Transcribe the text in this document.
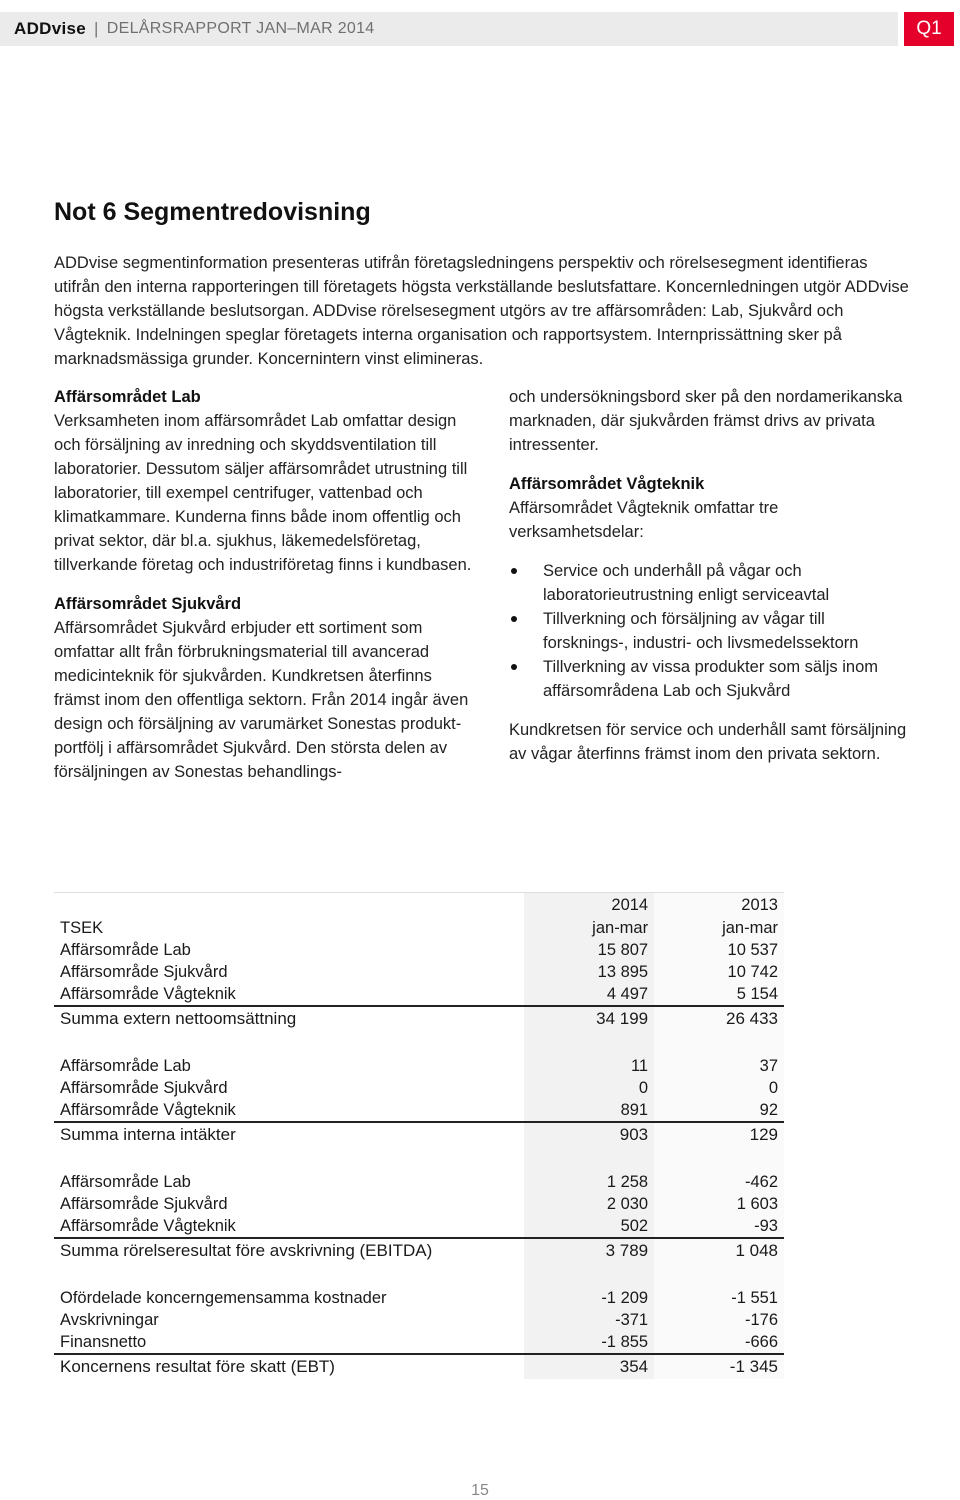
ADDvise | DELÅRSRAPPORT JAN–MAR 2014	Q1
Not 6 Segmentredovisning

ADDvise segmentinformation presenteras utifrån företagsledningens perspektiv och rörelsesegment identifieras utifrån den interna rapporteringen till företagets högsta verkställande beslutsfattare. Koncernledningen utgör ADDvise högsta verkställande beslutsorgan. ADDvise rörelsesegment utgörs av tre affärsområden: Lab, Sjukvård och Vågteknik. Indelningen speglar företagets interna organisation och rapportsystem. Internprissättning sker på marknadsmässiga grunder. Koncernintern vinst elimineras.

Affärsområdet Lab

Verksamheten inom affärsområdet Lab omfattar design och försäljning av inredning och skyddsventilation till laboratorier. Dessutom säljer affärsområdet utrustning till laboratorier, till exempel centrifuger, vattenbad och klimatkammare. Kunderna finns både inom offentlig och privat sektor, där bl.a. sjukhus, läkemedelsföretag, tillverkande företag och industriföretag finns i kundbasen.

Affärsområdet Sjukvård

Affärsområdet Sjukvård erbjuder ett sortiment som omfattar allt från förbrukningsmaterial till avancerad medicinteknik för sjukvården. Kundkretsen återfinns främst inom den offentliga sektorn. Från 2014 ingår även design och försäljning av varumärket Sonestas produkt-portfölj i affärsområdet Sjukvård. Den största delen av försäljningen av Sonestas behandlings-

och undersökningsbord sker på den nordamerikanska marknaden, där sjukvården främst drivs av privata intressenter.

Affärsområdet Vågteknik

Affärsområdet Vågteknik omfattar tre verksamhetsdelar:

Service och underhåll på vågar och laboratorieutrustning enligt serviceavtal
Tillverkning och försäljning av vågar till forsknings-, industri- och livsmedelssektorn
Tillverkning av vissa produkter som säljs inom affärsområdena Lab och Sjukvård

Kundkretsen för service och underhåll samt försäljning av vågar återfinns främst inom den privata sektorn.

	2014	2013
TSEK	jan-mar	jan-mar
Affärsområde Lab	15 807	10 537
Affärsområde Sjukvård	13 895	10 742
Affärsområde Vågteknik	4 497	5 154
Summa extern nettoomsättning	34 199	26 433

Affärsområde Lab	11	37
Affärsområde Sjukvård	0	0
Affärsområde Vågteknik	891	92
Summa interna intäkter	903	129

Affärsområde Lab	1 258	-462
Affärsområde Sjukvård	2 030	1 603
Affärsområde Vågteknik	502	-93
Summa rörelseresultat före avskrivning (EBITDA)	3 789	1 048

Ofördelade koncerngemensamma kostnader	-1 209	-1 551
Avskrivningar	-371	-176
Finansnetto	-1 855	-666
Koncernens resultat före skatt (EBT)	354	-1 345
15
